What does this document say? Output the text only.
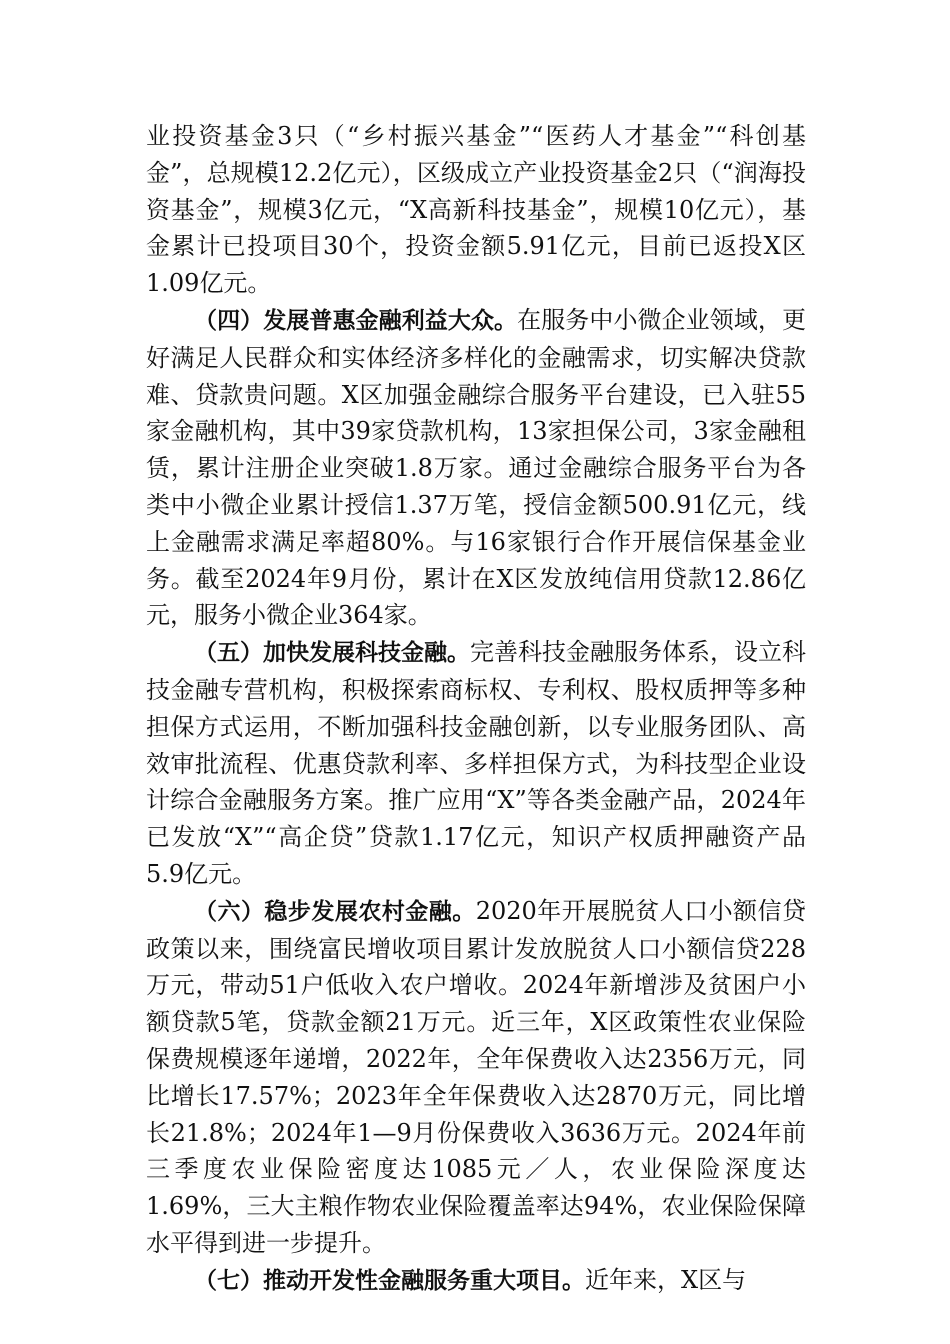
业投资基金3只（“乡村振兴基金”“医药人才基金”“科创基金”，总规模12.2亿元），区级成立产业投资基金2只（“润海投资基金”，规模3亿元，“X高新科技基金”，规模10亿元），基金累计已投项目30个，投资金额5.91亿元，目前已返投X区1.09亿元。

（四）发展普惠金融利益大众。在服务中小微企业领域，更好满足人民群众和实体经济多样化的金融需求，切实解决贷款难、贷款贵问题。X区加强金融综合服务平台建设，已入驻55家金融机构，其中39家贷款机构，13家担保公司，3家金融租赁，累计注册企业突破1.8万家。通过金融综合服务平台为各类中小微企业累计授信1.37万笔，授信金额500.91亿元，线上金融需求满足率超80%。与16家银行合作开展信保基金业务。截至2024年9月份，累计在X区发放纯信用贷款12.86亿元，服务小微企业364家。

（五）加快发展科技金融。完善科技金融服务体系，设立科技金融专营机构，积极探索商标权、专利权、股权质押等多种担保方式运用，不断加强科技金融创新，以专业服务团队、高效审批流程、优惠贷款利率、多样担保方式，为科技型企业设计综合金融服务方案。推广应用“X”等各类金融产品，2024年已发放“X”“高企贷”贷款1.17亿元，知识产权质押融资产品5.9亿元。

（六）稳步发展农村金融。2020年开展脱贫人口小额信贷政策以来，围绕富民增收项目累计发放脱贫人口小额信贷228万元，带动51户低收入农户增收。2024年新增涉及贫困户小额贷款5笔，贷款金额21万元。近三年，X区政策性农业保险保费规模逐年递增，2022年，全年保费收入达2356万元，同比增长17.57%；2023年全年保费收入达2870万元，同比增长21.8%；2024年1—9月份保费收入3636万元。2024年前三季度农业保险密度达1085元／人，农业保险深度达1.69%，三大主粮作物农业保险覆盖率达94%，农业保险保障水平得到进一步提升。

（七）推动开发性金融服务重大项目。近年来，X区与
